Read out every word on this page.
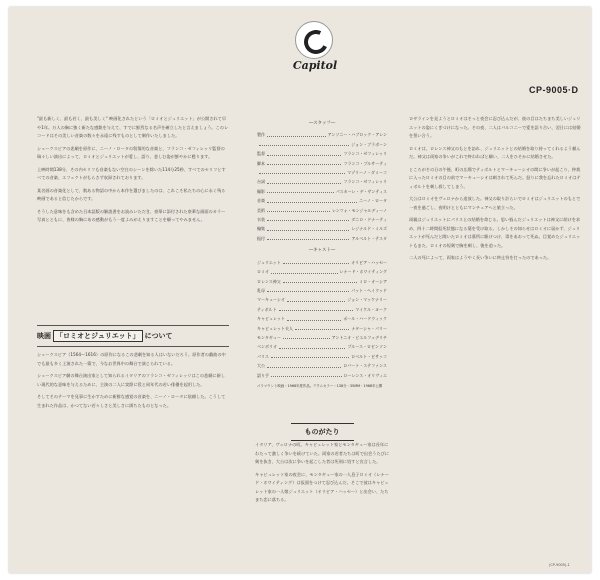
Capitol
CP-9005·D

"最も新しく、最も若く、最も美しく" 映画化されたという「ロミオとジュリエット」が公開されて早や1年。万人の胸に強く新たな感銘を与えて、すでに鮮烈なる名声を確立したと言えましょう。このレコードはその美しい音楽の数々を永遠に残すものとして制作いたしました。

シェークスピアの悲劇を原作に、ニーノ・ロータの叙情的な音楽と、フランコ・ゼフィレッリ監督の瑞々しい演出によって、ロミオとジュリエットが愛し、語り、悲しむ姿が鮮やかに甦ります。

上映時間138分、その内セリフも音楽もない空白のシーンを除いた114分25秒、すべてのセリフとすべての音楽、エフェクトがもらさず収録されております。

某名画の音楽化として、数ある物語の中から本作を選びましたのは、これこそ私たちの心に永く残る映画であると信じたからです。

そうした意味をも含めた日本語版の解説書をお読みいただき、豪華に添付された豪華な画面のカラー写真とともに、皆様の胸にあの感動がもう一度よみがえりますことを願ってやみません。

映画 「ロミオとジュリエット」 について

シェークスピア（1564〜1616）の原作になるこの悲劇を知る人はいないだろう。原作者の戯曲の中でも最も多く上演された一篇で、今なお世界中の舞台で演じられている。

シェークスピア劇の舞台演出家として知られるイタリアのフランコ・ゼフィレッリはこの悲劇に新しい現代的な意味を与えるために、主演の二人に実際に役と同年代の若い俳優を起用した。

そしてそのテーマを見事に生かすために新鮮な感覚の音楽を、ニーノ・ロータに依頼した。こうして生まれた作品は、かつてない若々しさと美しさに満ちたものとなった。

―スタッフ―
製作	アンソニー・ハブロック・アレン
ジョン・ブラボーン
監督	フランコ・ゼフィレッリ
脚本	フランコ・ブルサーティ
マゾリーノ・ダミーコ
台詞	フランコ・ゼフィレッリ
撮影	パスカーレ・デ・サンティス
音楽	ニーノ・ロータ
美術	レンツォ・モンジャルディーノ
衣装	ダニロ・ドナーティ
編集	レジナルド・ミルズ
振付	アルベルト・テスタ
―キャスト―
ジュリエット	オリビア・ハッセー
ロミオ	レナード・ホワイティング
ロレンス神父	ミロ・オーシア
乳母	パット・ヘイウッド
マーキューシオ	ジョン・マッケナリー
ティボルト	マイケル・ヨーク
キャピュレット	ポール・ハードウィック
キャピュレット夫人	ナターシャ・パリー
モンタギュー	アントニオ・ピエルフェデリチ
ベンボリオ	ブルース・ロビンソン
パリス	ロベルト・ビサッコ
大公	ロバート・ステファンス
語り手	ローレンス・オリヴィエ
パラマウント映画・1968年度作品。テクニカラー・138分・35MM・1968年公開
ものがたり

イタリア、ヴェロナの町。キャピュレット家とモンタギュー家は長年にわたって激しく争いを続けていた。両家の若者たちは町で出会うたびに剣を抜き、大公は次に争いを起こした者は死刑に処すと宣言した。

キャピュレット家の夜会に、モンタギュー家の一人息子ロミオ（レナード・ホワイティング）は仮面をつけて忍び込んだ。そこで彼はキャピュレット家の一人娘ジュリエット（オリビア・ハッセー）と出会い、たちまち恋に落ちる。

ロザラインを見ようとロミオはそっと夜会に忍び込んだが、彼の目はたちまち美しいジュリエットの姿にくぎづけになった。その夜、二人はバルコニーで愛を語り合い、翌日には結婚を誓い合う。

ロミオは、ロレンス神父のもとを訪れ、ジュリエットとの結婚を取り持ってくれるよう頼んだ。神父は両家の争いがこれで終わればと願い、二人をひそかに結婚させた。

ところがその日の午後、町の広場でティボルトとマーキューシオの間に争いが起こり、仲裁に入ったロミオの目の前でマーキューシオは刺されて死んだ。怒りに我を忘れたロミオはティボルトを刺し殺してしまう。

大公はロミオをヴェロナから追放した。神父の取り計らいでロミオはジュリエットのもとで一夜を過ごし、夜明けとともにマンチュアへと旅立った。

両親はジュリエットにパリスとの結婚を命じる。思い悩んだジュリエットは神父に助けを求め、四十二時間仮死状態になる薬を受け取る。しかしその知らせはロミオに届かず、ジュリエットが死んだと聞いたロミオは墓所に駆けつけ、毒をあおって死ぬ。目覚めたジュリエットもまた、ロミオの短剣で胸を刺し、後を追った。

二人の死によって、両家はようやく長い争いに終止符を打ったのであった。

(CP-9005)-1
